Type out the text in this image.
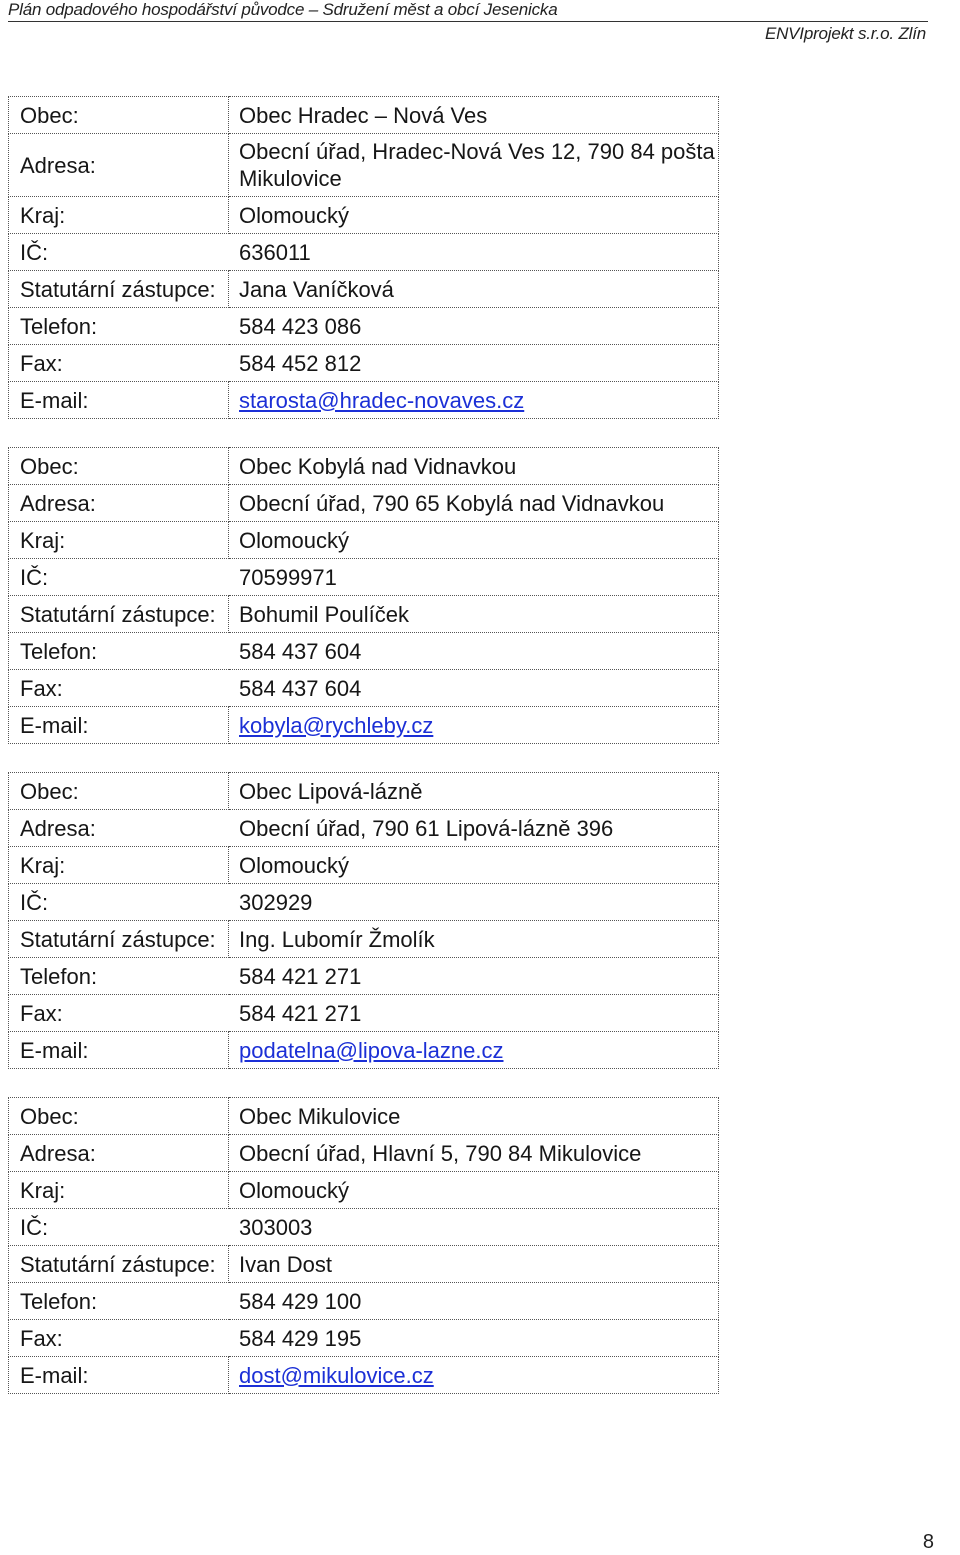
Plán odpadového hospodářství původce – Sdružení měst a obcí Jesenicka
ENVIprojekt s.r.o. Zlín
Obec:	Obec Hradec – Nová Ves
Adresa:	Obecní úřad, Hradec-Nová Ves 12, 790 84 pošta Mikulovice
Kraj:	Olomoucký
IČ:	636011
Statutární zástupce:	Jana Vaníčková
Telefon:	584 423 086
Fax:	584 452 812
E-mail:	starosta@hradec-novaves.cz
Obec:	Obec Kobylá nad Vidnavkou
Adresa:	Obecní úřad, 790 65 Kobylá nad Vidnavkou
Kraj:	Olomoucký
IČ:	70599971
Statutární zástupce:	Bohumil Poulíček
Telefon:	584 437 604
Fax:	584 437 604
E-mail:	kobyla@rychleby.cz
Obec:	Obec Lipová-lázně
Adresa:	Obecní úřad, 790 61 Lipová-lázně 396
Kraj:	Olomoucký
IČ:	302929
Statutární zástupce:	Ing. Lubomír Žmolík
Telefon:	584 421 271
Fax:	584 421 271
E-mail:	podatelna@lipova-lazne.cz
Obec:	Obec Mikulovice
Adresa:	Obecní úřad, Hlavní 5, 790 84 Mikulovice
Kraj:	Olomoucký
IČ:	303003
Statutární zástupce:	Ivan Dost
Telefon:	584 429 100
Fax:	584 429 195
E-mail:	dost@mikulovice.cz
8
